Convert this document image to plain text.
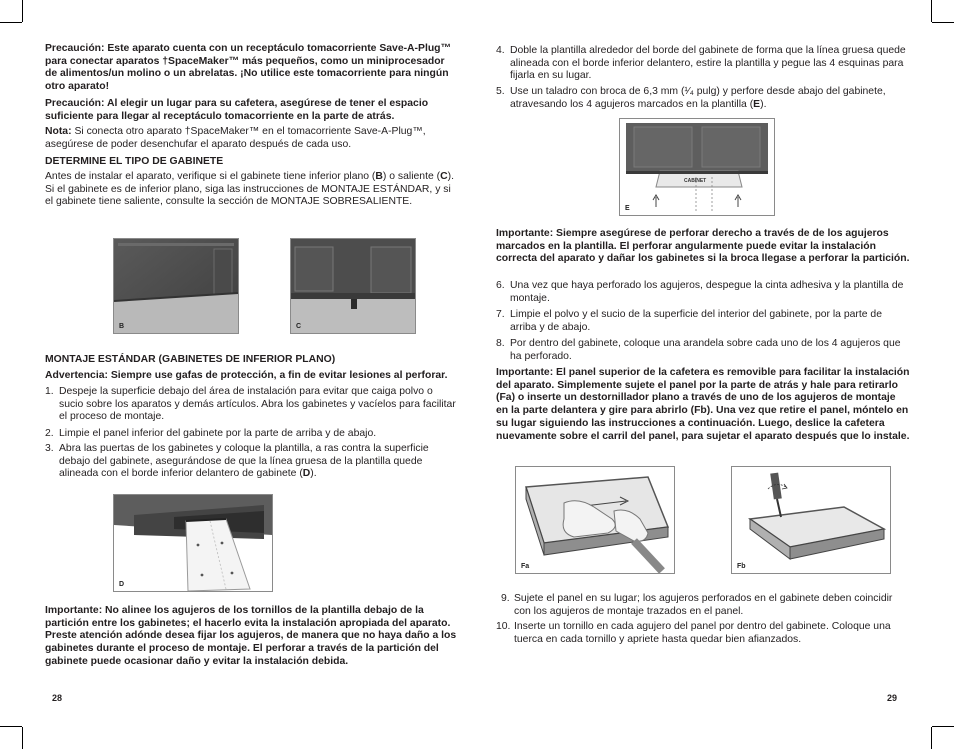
Precaución: Este aparato cuenta con un receptáculo tomacorriente Save-A-Plug™ para conectar aparatos †SpaceMaker™ más pequeños, como un miniprocesador de alimentos/un molino o un abrelatas. ¡No utilice este tomacorriente para ningún otro aparato!

Precaución: Al elegir un lugar para su cafetera, asegúrese de tener el espacio suficiente para llegar al receptáculo tomacorriente en la parte de atrás.

Nota: Si conecta otro aparato †SpaceMaker™ en el tomacorriente Save-A-Plug™, asegúrese de poder desenchufar el aparato después de cada uso.

DETERMINE EL TIPO DE GABINETE

Antes de instalar el aparato, verifique si el gabinete tiene inferior plano (B) o saliente (C). Si el gabinete es de inferior plano, siga las instrucciones de MONTAJE ESTÁNDAR, y si el gabinete tiene saliente, consulte la sección de MONTAJE SOBRESALIENTE.

B	C

MONTAJE ESTÁNDAR (GABINETES DE INFERIOR PLANO)

Advertencia: Siempre use gafas de protección, a fin de evitar lesiones al perforar.

1. Despeje la superficie debajo del área de instalación para evitar que caiga polvo o sucio sobre los aparatos y demás artículos. Abra los gabinetes y vacíelos para facilitar el proceso de montaje.
2. Limpie el panel inferior del gabinete por la parte de arriba y de abajo.
3. Abra las puertas de los gabinetes y coloque la plantilla, a ras contra la superficie debajo del gabinete, asegurándose de que la línea gruesa de la plantilla quede alineada con el borde inferior delantero de gabinete (D).
D

Importante: No alinee los agujeros de los tornillos de la plantilla debajo de la partición entre los gabinetes; el hacerlo evita la instalación apropiada del aparato. Preste atención adónde desea fijar los agujeros, de manera que no haya daño a los gabinetes durante el proceso de montaje. El perforar a través de la partición del gabinete puede ocasionar daño y evitar la instalación debida.

28
4. Doble la plantilla alrededor del borde del gabinete de forma que la línea gruesa quede alineada con el borde inferior delantero, estire la plantilla y pegue las 4 esquinas para fijarla en su lugar.
5. Use un taladro con broca de 6,3 mm (¹⁄₄ pulg) y perfore desde abajo del gabinete, atravesando los 4 agujeros marcados en la plantilla (E).
CABINET
E

Importante: Siempre asegúrese de perforar derecho a través de de los agujeros marcados en la plantilla. El perforar angularmente puede evitar la instalación correcta del aparato y dañar los gabinetes si la broca llegase a perforar la partición.

6. Una vez que haya perforado los agujeros, despegue la cinta adhesiva y la plantilla de montaje.
7. Limpie el polvo y el sucio de la superficie del interior del gabinete, por la parte de arriba y de abajo.
8. Por dentro del gabinete, coloque una arandela sobre cada uno de los 4 agujeros que ha perforado.

Importante: El panel superior de la cafetera es removible para facilitar la instalación del aparato. Simplemente sujete el panel por la parte de atrás y hale para retirarlo (Fa) o inserte un destornillador plano a través de uno de los agujeros de montaje en la parte delantera y gire para abrirlo (Fb). Una vez que retire el panel, móntelo en su lugar siguiendo las instrucciones a continuación. Luego, deslice la cafetera nuevamente sobre el carril del panel, para sujetar el aparato después que lo instale.

Fa	Fb
9. Sujete el panel en su lugar; los agujeros perforados en el gabinete deben coincidir con los agujeros de montaje trazados en el panel.
10. Inserte un tornillo en cada agujero del panel por dentro del gabinete. Coloque una tuerca en cada tornillo y apriete hasta quedar bien afianzados.
29
